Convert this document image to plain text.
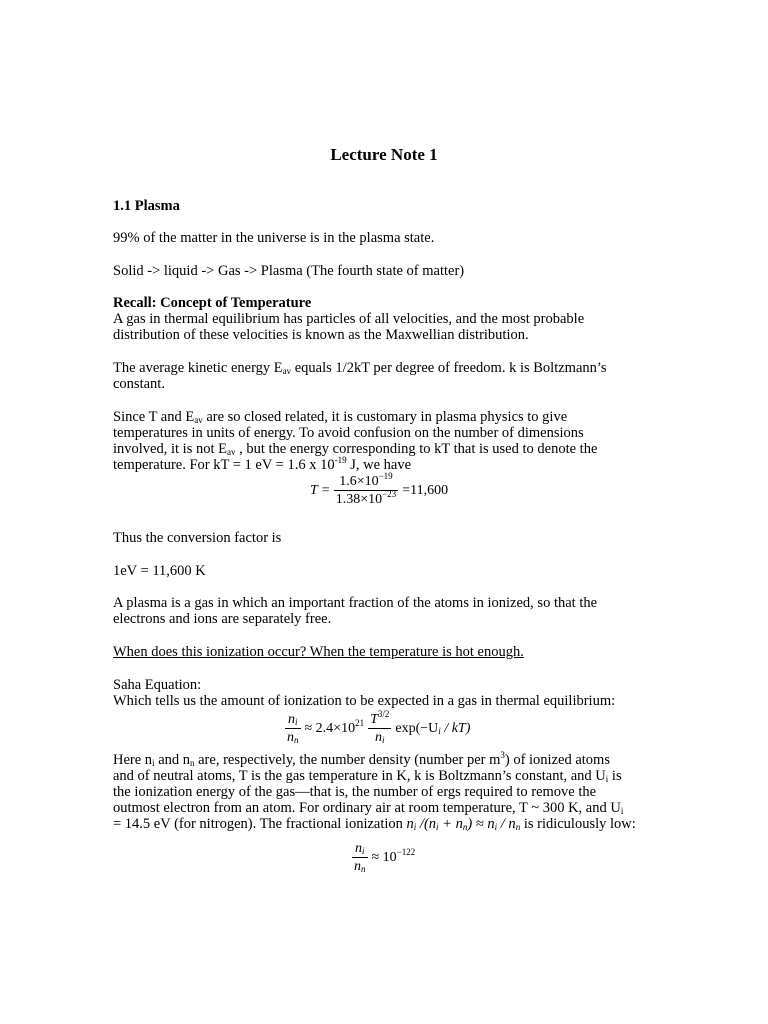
Lecture Note 1
1.1 Plasma
99% of the matter in the universe is in the plasma state.
Solid -> liquid -> Gas -> Plasma (The fourth state of matter)
Recall: Concept of Temperature
A gas in thermal equilibrium has particles of all velocities, and the most probable
distribution of these velocities is known as the Maxwellian distribution.
The average kinetic energy $E_{av}$ equals 1/2kT per degree of freedom. k is Boltzmann’s
constant.
Since T and $E_{av}$ are so closed related, it is customary in plasma physics to give
temperatures in units of energy. To avoid confusion on the number of dimensions
involved, it is not $E_{av}$ , but the energy corresponding to kT that is used to denote the
temperature. For kT = 1 eV = 1.6 x $10^{-19}$ J, we have
$T = \frac{1.6\times 10^{-19}}{1.38\times 10^{-23}} =11,600$
Thus the conversion factor is
1eV = 11,600 K
A plasma is a gas in which an important fraction of the atoms in ionized, so that the
electrons and ions are separately free.
When does this ionization occur? When the temperature is hot enough.
Saha Equation:
Which tells us the amount of ionization to be expected in a gas in thermal equilibrium:
$\frac{n_i}{n_n} \approx 2.4\times 10^{21} \frac{T^{3/2}}{n_i} \exp(-U_i / kT)$
Here $n_i$ and $n_n$ are, respectively, the number density (number per $m^3$) of ionized atoms
and of neutral atoms, T is the gas temperature in K, k is Boltzmann’s constant, and $U_i$ is
the ionization energy of the gas—that is, the number of ergs required to remove the
outmost electron from an atom. For ordinary air at room temperature, T ~ 300 K, and $U_i$
= 14.5 eV (for nitrogen). The fractional ionization $n_i$ $/(n_i + n_n) \approx n_i / n_n$ is ridiculously low:
$\frac{n_i}{n_n} \approx 10^{-122}$
